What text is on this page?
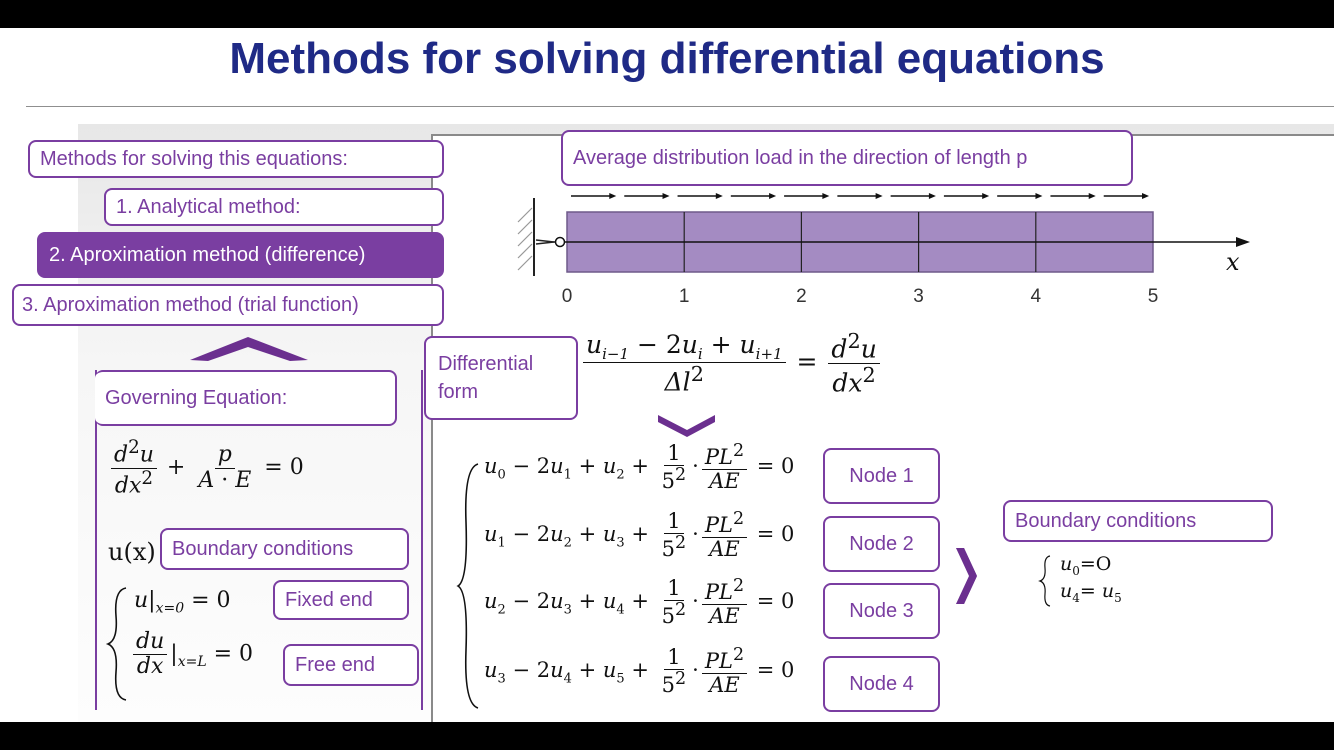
Methods for solving differential equations
Methods for solving this equations:
1. Analytical method:
2. Aproximation method (difference)
3. Aproximation method (trial function)
Governing Equation:
$\frac{d^2u}{dx^2} + \frac{p}{A \cdot E} = 0$
u(x) Boundary conditions
$u|_{x=0} = 0$	Fixed end
$\frac{du}{dx} |_{x=L} = 0$ Free end
Average distribution load in the direction of length p
x
0	1	2	3	4	5
Differential
form	$\frac{u_{i-1} - 2u_i + u_{i+1}}{\Delta l^2} = \frac{d^2u}{dx^2}$
$u_0 - 2u_1 + u_2 + \frac{1}{5^2} \cdot \frac{PL^2}{AE} = 0$
$u_1 - 2u_2 + u_3 + \frac{1}{5^2} \cdot \frac{PL^2}{AE} = 0$
$u_2 - 2u_3 + u_4 + \frac{1}{5^2} \cdot \frac{PL^2}{AE} = 0$
$u_3 - 2u_4 + u_5 + \frac{1}{5^2} \cdot \frac{PL^2}{AE} = 0$
Node 1
Node 2
Node 3
Node 4
Boundary conditions
$u_0=O$
$u_4= u_5$
